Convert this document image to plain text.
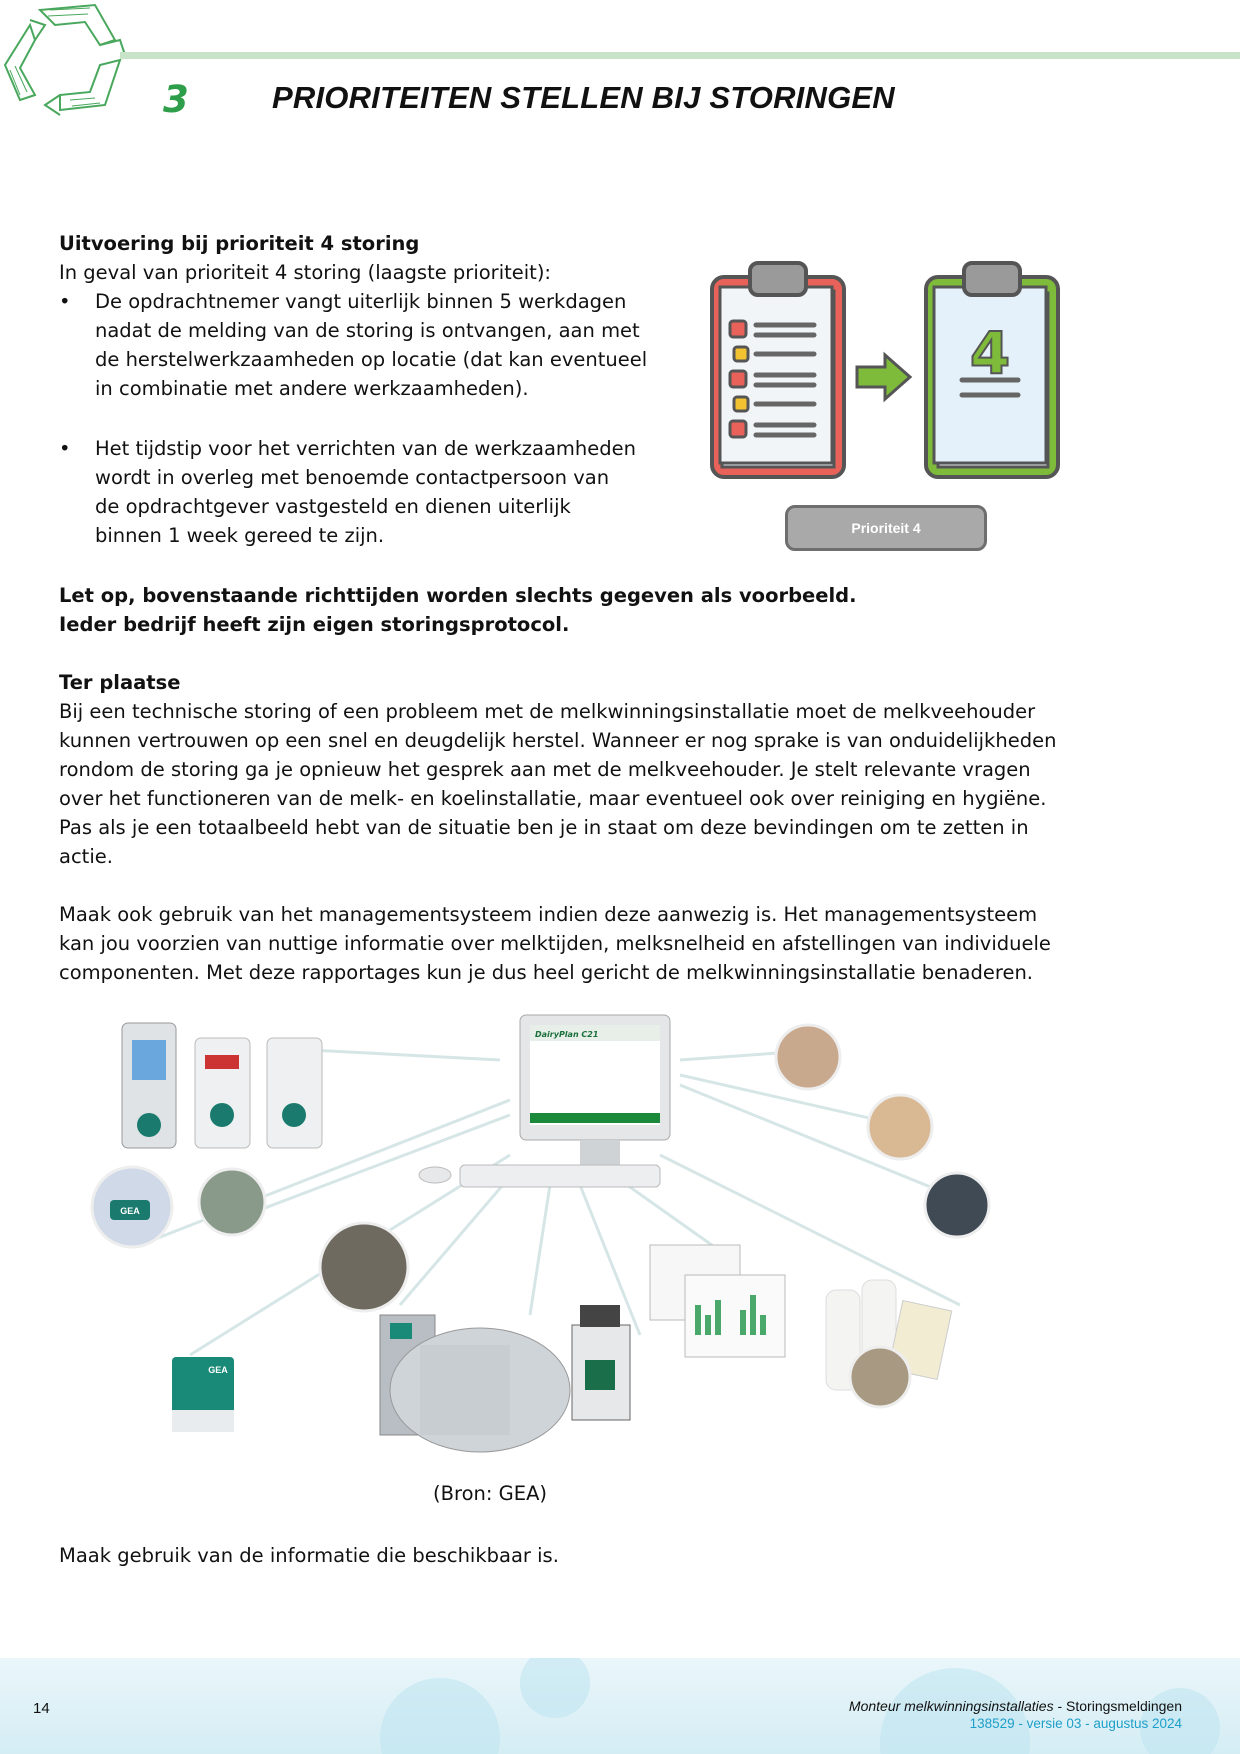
3	PRIORITEITEN STELLEN BIJ STORINGEN
Uitvoering bij prioriteit 4 storing
In geval van prioriteit 4 storing (laagste prioriteit):
• De opdrachtnemer vangt uiterlijk binnen 5 werkdagen
nadat de melding van de storing is ontvangen, aan met
de herstelwerkzaamheden op locatie (dat kan eventueel
in combinatie met andere werkzaamheden).
• Het tijdstip voor het verrichten van de werkzaamheden
wordt in overleg met benoemde contactpersoon van
de opdrachtgever vastgesteld en dienen uiterlijk
binnen 1 week gereed te zijn.
4
Prioriteit 4
Let op, bovenstaande richttijden worden slechts gegeven als voorbeeld.
Ieder bedrijf heeft zijn eigen storingsprotocol.
Ter plaatse
Bij een technische storing of een probleem met de melkwinningsinstallatie moet de melkveehouder
kunnen vertrouwen op een snel en deugdelijk herstel. Wanneer er nog sprake is van onduidelijkheden
rondom de storing ga je opnieuw het gesprek aan met de melkveehouder. Je stelt relevante vragen
over het functioneren van de melk- en koelinstallatie, maar eventueel ook over reiniging en hygiëne.
Pas als je een totaalbeeld hebt van de situatie ben je in staat om deze bevindingen om te zetten in
actie.
Maak ook gebruik van het managementsysteem indien deze aanwezig is. Het managementsysteem
kan jou voorzien van nuttige informatie over melktijden, melksnelheid en afstellingen van individuele
componenten. Met deze rapportages kun je dus heel gericht de melkwinningsinstallatie benaderen.
DairyPlan C21
GEA
GEA
(Bron: GEA)
Maak gebruik van de informatie die beschikbaar is.
14	Monteur melkwinningsinstallaties - Storingsmeldingen
138529 - versie 03 - augustus 2024
